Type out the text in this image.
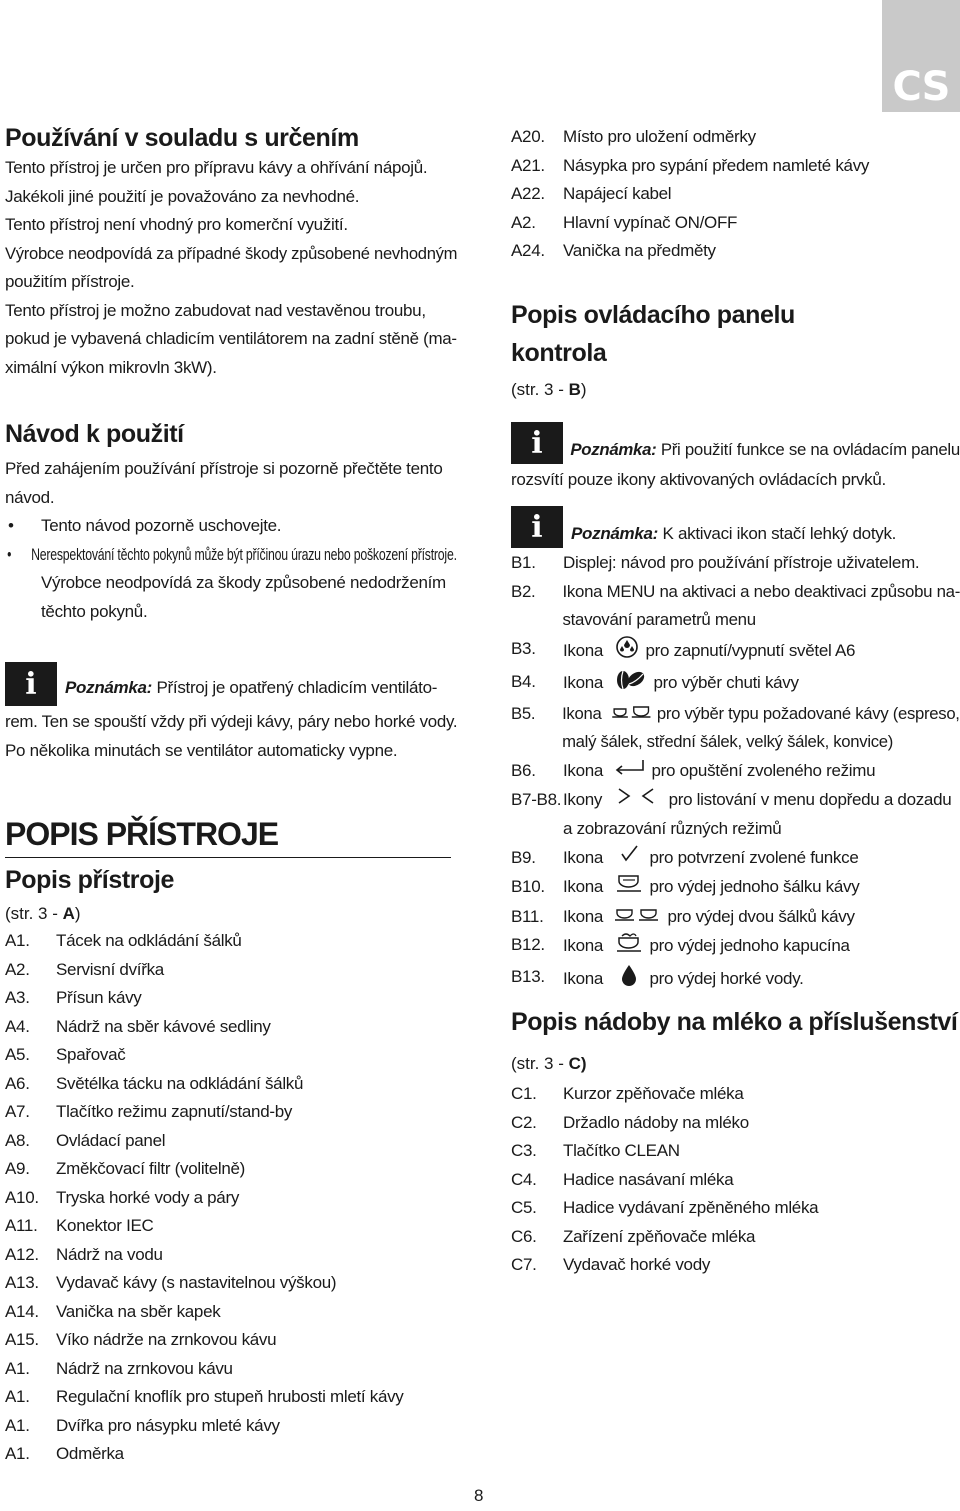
CS
Používání v souladu s určením

Tento přístroj je určen pro přípravu kávy a ohřívání nápojů.

Jakékoli jiné použití je považováno za nevhodné.

Tento přístroj není vhodný pro komerční využití.

Výrobce neodpovídá za případné škody způsobené nevhodným

použitím přístroje.

Tento přístroj je možno zabudovat nad vestavěnou troubu,

pokud je vybavená chladicím ventilátorem na zadní stěně (ma-

ximální výkon mikrovln 3kW).

Návod k použití

Před zahájením používání přístroje si pozorně přečtěte tento

návod.

• Tento návod pozorně uschovejte.
• Nerespektování těchto pokynů může být příčinou úrazu nebo poškození přístroje.

Výrobce neodpovídá za škody způsobené nedodržením

těchto pokynů.

i	Poznámka: Přístroj je opatřený chladicím ventiláto-

rem. Ten se spouští vždy při výdeji kávy, páry nebo horké vody.

Po několika minutách se ventilátor automaticky vypne.

POPIS PŘÍSTROJE
Popis přístroje

(str. 3 - A)

A1.	Tácek na odkládání šálků
A2.	Servisní dvířka
A3.	Přísun kávy
A4.	Nádrž na sběr kávové sedliny
A5.	Spařovač
A6.	Světélka tácku na odkládání šálků
A7.	Tlačítko režimu zapnutí/stand-by
A8.	Ovládací panel
A9.	Změkčovací filtr (volitelně)
A10.	Tryska horké vody a páry
A11.	Konektor IEC
A12.	Nádrž na vodu
A13.	Vydavač kávy (s nastavitelnou výškou)
A14.	Vanička na sběr kapek
A15.	Víko nádrže na zrnkovou kávu
A1.	Nádrž na zrnkovou kávu
A1.	Regulační knoflík pro stupeň hrubosti mletí kávy
A1.	Dvířka pro násypku mleté kávy
A1.	Odměrka
A20.	Místo pro uložení odměrky
A21.	Násypka pro sypání předem namleté kávy
A22.	Napájecí kabel
A2.	Hlavní vypínač ON/OFF
A24.	Vanička na předměty
Popis ovládacího panelu
kontrola

(str. 3 - B)

i	Poznámka: Při použití funkce se na ovládacím panelu

rozsvítí pouze ikony aktivovaných ovládacích prvků.

i	Poznámka: K aktivaci ikon stačí lehký dotyk.

B1.	Displej: návod pro používání přístroje uživatelem.
B2.	Ikona MENU na aktivaci a nebo deaktivaci způsobu na-
stavování parametrů menu
B3.	Ikona pro zapnutí/vypnutí světel A6
B4.	Ikona	pro výběr chuti kávy
B5.	Ikona	pro výběr typu požadované kávy (espreso,
malý šálek, střední šálek, velký šálek, konvice)
B6.	Ikona	pro opuštění zvoleného režimu
B7-B8. Ikony	pro listování v menu dopředu a dozadu
a zobrazování různých režimů
B9.	Ikona	pro potvrzení zvolené funkce
B10.	Ikona	pro výdej jednoho šálku kávy
B11.	Ikona	pro výdej dvou šálků kávy
B12.	Ikona	pro výdej jednoho kapucína
B13.	Ikona	pro výdej horké vody.
Popis nádoby na mléko a příslušenství

(str. 3 - C)

C1.	Kurzor zpěňovače mléka
C2.	Držadlo nádoby na mléko
C3.	Tlačítko CLEAN
C4.	Hadice nasávaní mléka
C5.	Hadice vydávaní zpěněného mléka
C6.	Zařízení zpěňovače mléka
C7.	Vydavač horké vody
8
